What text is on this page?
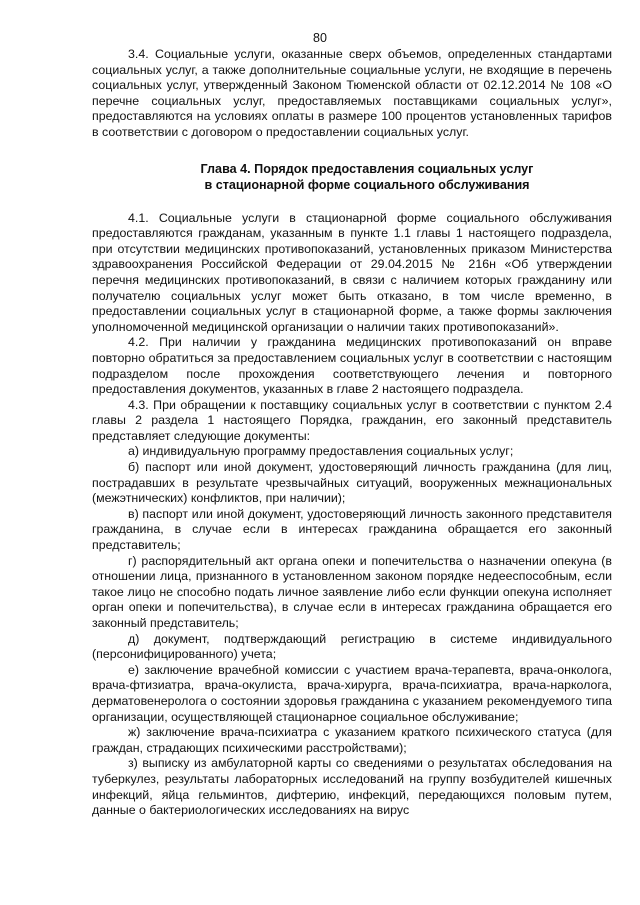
80

3.4. Социальные услуги, оказанные сверх объемов, определенных стандартами социальных услуг, а также дополнительные социальные услуги, не входящие в перечень социальных услуг, утвержденный Законом Тюменской области от 02.12.2014 № 108 «О перечне социальных услуг, предоставляемых поставщиками социальных услуг», предоставляются на условиях оплаты в размере 100 процентов установленных тарифов в соответствии с договором о предоставлении социальных услуг.

Глава 4. Порядок предоставления социальных услуг
в стационарной форме социального обслуживания

4.1. Социальные услуги в стационарной форме социального обслуживания предоставляются гражданам, указанным в пункте 1.1 главы 1 настоящего подраздела, при отсутствии медицинских противопоказаний, установленных приказом Министерства здравоохранения Российской Федерации от 29.04.2015 № 216н «Об утверждении перечня медицинских противопоказаний, в связи с наличием которых гражданину или получателю социальных услуг может быть отказано, в том числе временно, в предоставлении социальных услуг в стационарной форме, а также формы заключения уполномоченной медицинской организации о наличии таких противопоказаний».

4.2. При наличии у гражданина медицинских противопоказаний он вправе повторно обратиться за предоставлением социальных услуг в соответствии с настоящим подразделом после прохождения соответствующего лечения и повторного предоставления документов, указанных в главе 2 настоящего подраздела.

4.3. При обращении к поставщику социальных услуг в соответствии с пунктом 2.4 главы 2 раздела 1 настоящего Порядка, гражданин, его законный представитель представляет следующие документы:

а) индивидуальную программу предоставления социальных услуг;

б) паспорт или иной документ, удостоверяющий личность гражданина (для лиц, пострадавших в результате чрезвычайных ситуаций, вооруженных межнациональных (межэтнических) конфликтов, при наличии);

в) паспорт или иной документ, удостоверяющий личность законного представителя гражданина, в случае если в интересах гражданина обращается его законный представитель;

г) распорядительный акт органа опеки и попечительства о назначении опекуна (в отношении лица, признанного в установленном законом порядке недееспособным, если такое лицо не способно подать личное заявление либо если функции опекуна исполняет орган опеки и попечительства), в случае если в интересах гражданина обращается его законный представитель;

д) документ, подтверждающий регистрацию в системе индивидуального (персонифицированного) учета;

е) заключение врачебной комиссии с участием врача-терапевта, врача-онколога, врача-фтизиатра, врача-окулиста, врача-хирурга, врача-психиатра, врача-нарколога, дерматовенеролога о состоянии здоровья гражданина с указанием рекомендуемого типа организации, осуществляющей стационарное социальное обслуживание;

ж) заключение врача-психиатра с указанием краткого психического статуса (для граждан, страдающих психическими расстройствами);

з) выписку из амбулаторной карты со сведениями о результатах обследования на туберкулез, результаты лабораторных исследований на группу возбудителей кишечных инфекций, яйца гельминтов, дифтерию, инфекций, передающихся половым путем, данные о бактериологических исследованиях на вирус
